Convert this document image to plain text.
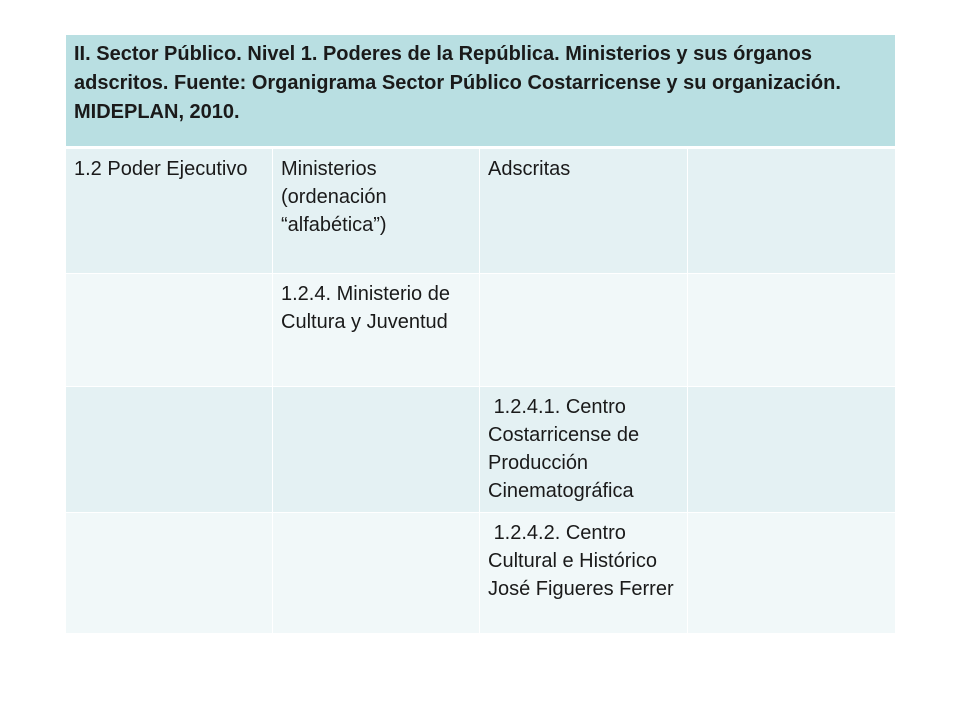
II. Sector Público. Nivel 1. Poderes de la República. Ministerios y sus órganos adscritos. Fuente: Organigrama Sector Público Costarricense y su organización. MIDEPLAN, 2010.			
1.2 Poder Ejecutivo	Ministerios (ordenación “alfabética”)	Adscritas	
	1.2.4. Ministerio de Cultura y Juventud		
		1.2.4.1. Centro Costarricense de Producción Cinematográfica	
		1.2.4.2. Centro Cultural e Histórico José Figueres Ferrer	
